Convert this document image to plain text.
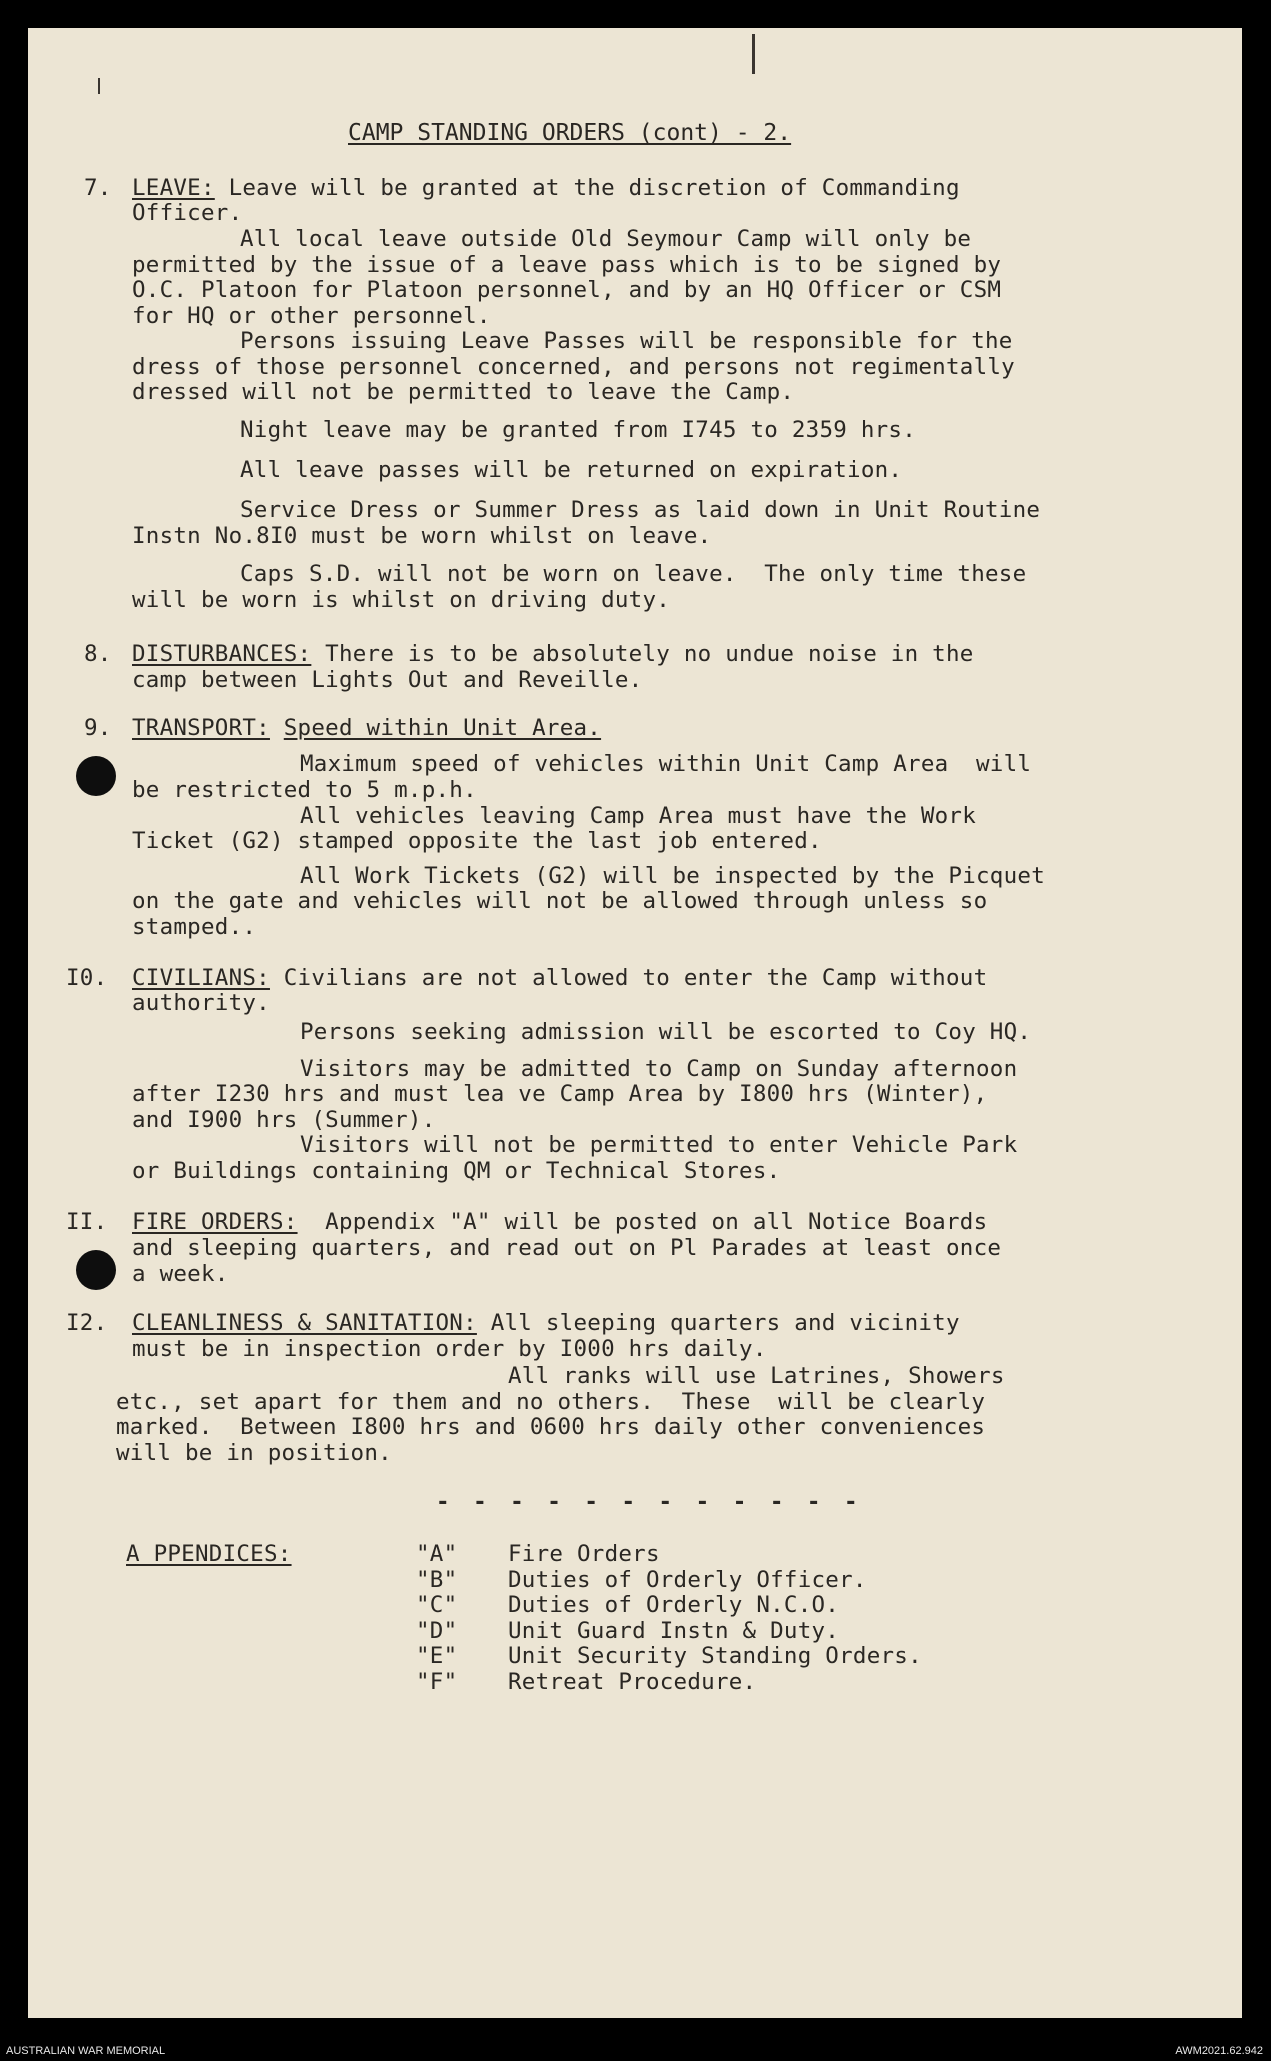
CAMP STANDING ORDERS (cont) - 2.

7.

LEAVE: Leave will be granted at the discretion of Commanding

Officer.

All local leave outside Old Seymour Camp will only be

permitted by the issue of a leave pass which is to be signed by

O.C. Platoon for Platoon personnel, and by an HQ Officer or CSM

for HQ or other personnel.

Persons issuing Leave Passes will be responsible for the

dress of those personnel concerned, and persons not regimentally

dressed will not be permitted to leave the Camp.

Night leave may be granted from I745 to 2359 hrs.

All leave passes will be returned on expiration.

Service Dress or Summer Dress as laid down in Unit Routine

Instn No.8I0 must be worn whilst on leave.

Caps S.D. will not be worn on leave.  The only time these

will be worn is whilst on driving duty.

8.

DISTURBANCES: There is to be absolutely no undue noise in the

camp between Lights Out and Reveille.

9.

TRANSPORT: Speed within Unit Area.

Maximum speed of vehicles within Unit Camp Area  will

be restricted to 5 m.p.h.

All vehicles leaving Camp Area must have the Work

Ticket (G2) stamped opposite the last job entered.

All Work Tickets (G2) will be inspected by the Picquet

on the gate and vehicles will not be allowed through unless so

stamped..

I0.

CIVILIANS: Civilians are not allowed to enter the Camp without

authority.

Persons seeking admission will be escorted to Coy HQ.

Visitors may be admitted to Camp on Sunday afternoon

after I230 hrs and must lea ve Camp Area by I800 hrs (Winter),

and I900 hrs (Summer).

Visitors will not be permitted to enter Vehicle Park

or Buildings containing QM or Technical Stores.

II.

FIRE ORDERS:  Appendix "A" will be posted on all Notice Boards

and sleeping quarters, and read out on Pl Parades at least once

a week.

I2.

CLEANLINESS & SANITATION: All sleeping quarters and vicinity

must be in inspection order by I000 hrs daily.

All ranks will use Latrines, Showers

etc., set apart for them and no others.  These  will be clearly

marked.  Between I800 hrs and 0600 hrs daily other conveniences

will be in position.

- - - - - - - - - - - -

A PPENDICES:

	"A"

Fire Orders

"B"

Duties of Orderly Officer.

"C"

Duties of Orderly N.C.O.

"D"

Unit Guard Instn & Duty.

"E"

Unit Security Standing Orders.

"F"

Retreat Procedure.

AUSTRALIAN WAR MEMORIAL	AWM2021.62.942
